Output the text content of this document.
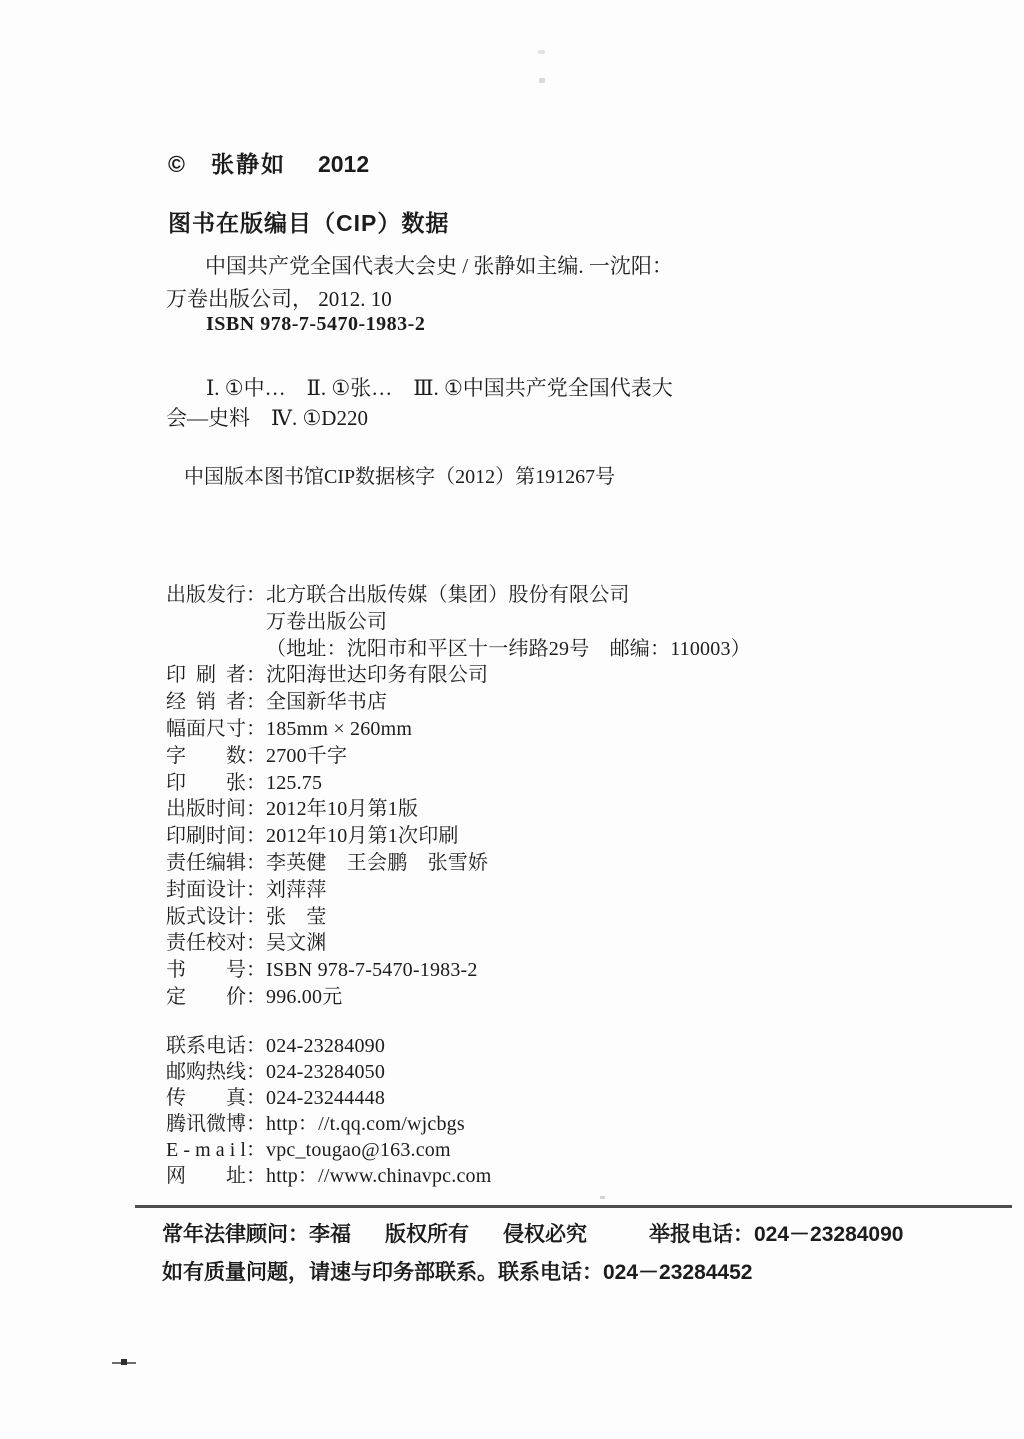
© 张静如 2012
图书在版编目（CIP）数据
中国共产党全国代表大会史 / 张静如主编. 一沈阳：
万卷出版公司， 2012. 10
ISBN 978-7-5470-1983-2
Ⅰ. ①中…　Ⅱ. ①张…　Ⅲ. ①中国共产党全国代表大
会—史料　Ⅳ. ①D220
中国版本图书馆CIP数据核字（2012）第191267号
出版发行：北方联合出版传媒（集团）股份有限公司
万卷出版公司
（地址：沈阳市和平区十一纬路29号　邮编：110003）
印刷者：沈阳海世达印务有限公司
经销者：全国新华书店
幅面尺寸：185mm × 260mm
字数：2700千字
印张：125.75
出版时间：2012年10月第1版
印刷时间：2012年10月第1次印刷
责任编辑：李英健　王会鹏　张雪娇
封面设计：刘萍萍
版式设计：张　莹
责任校对：吴文渊
书号：ISBN 978-7-5470-1983-2
定价：996.00元
联系电话：024-23284090
邮购热线：024-23284050
传真：024-23244448
腾讯微博：http：//t.qq.com/wjcbgs
E - m a i l：vpc_tougao@163.com
网址：http：//www.chinavpc.com
常年法律顾问：李福 版权所有 侵权必究	举报电话：024－23284090
如有质量问题，请速与印务部联系。联系电话：024－23284452
